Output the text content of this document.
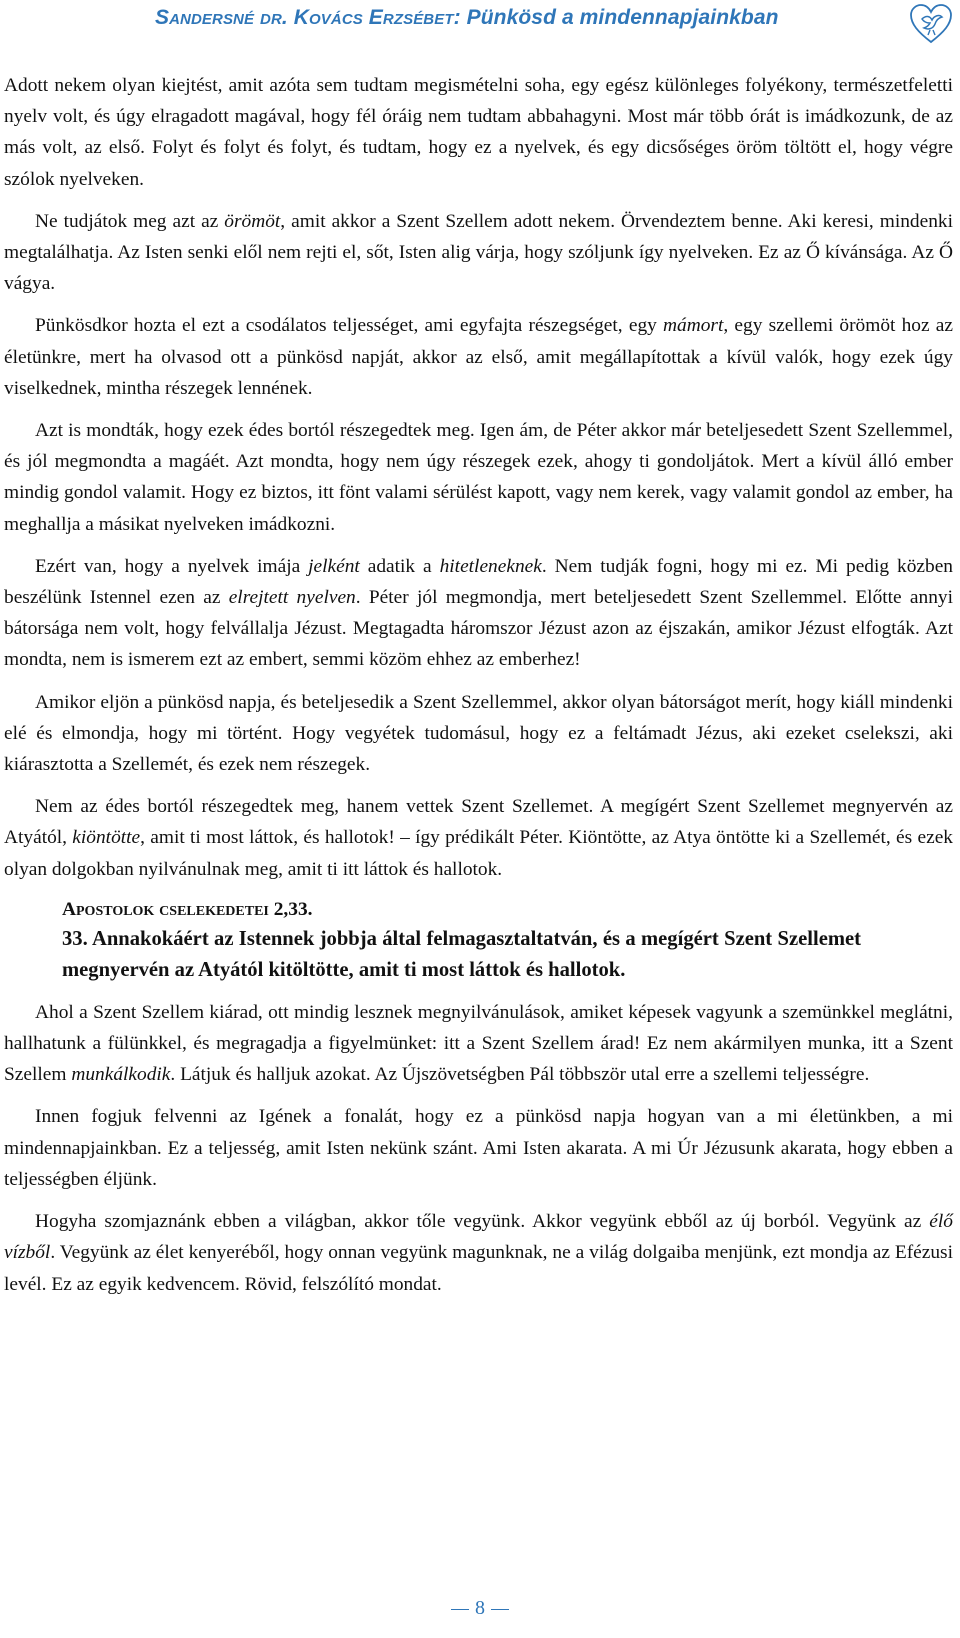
Sandersné dr. Kovács Erzsébet: Pünkösd a mindennapjainkban

Adott nekem olyan kiejtést, amit azóta sem tudtam megismételni soha, egy egész különleges folyékony, természetfeletti nyelv volt, és úgy elragadott magával, hogy fél óráig nem tudtam abbahagyni. Most már több órát is imádkozunk, de az más volt, az első. Folyt és folyt és folyt, és tudtam, hogy ez a nyelvek, és egy dicsőséges öröm töltött el, hogy végre szólok nyelveken.

Ne tudjátok meg azt az örömöt, amit akkor a Szent Szellem adott nekem. Örvendeztem benne. Aki keresi, mindenki megtalálhatja. Az Isten senki elől nem rejti el, sőt, Isten alig várja, hogy szóljunk így nyelveken. Ez az Ő kívánsága. Az Ő vágya.

Pünkösdkor hozta el ezt a csodálatos teljességet, ami egyfajta részegséget, egy mámort, egy szellemi örömöt hoz az életünkre, mert ha olvasod ott a pünkösd napját, akkor az első, amit megállapítottak a kívül valók, hogy ezek úgy viselkednek, mintha részegek lennének.

Azt is mondták, hogy ezek édes bortól részegedtek meg. Igen ám, de Péter akkor már beteljesedett Szent Szellemmel, és jól megmondta a magáét. Azt mondta, hogy nem úgy részegek ezek, ahogy ti gondoljátok. Mert a kívül álló ember mindig gondol valamit. Hogy ez biztos, itt fönt valami sérülést kapott, vagy nem kerek, vagy valamit gondol az ember, ha meghallja a másikat nyelveken imádkozni.

Ezért van, hogy a nyelvek imája jelként adatik a hitetleneknek. Nem tudják fogni, hogy mi ez. Mi pedig közben beszélünk Istennel ezen az elrejtett nyelven. Péter jól megmondja, mert beteljesedett Szent Szellemmel. Előtte annyi bátorsága nem volt, hogy felvállalja Jézust. Megtagadta háromszor Jézust azon az éjszakán, amikor Jézust elfogták. Azt mondta, nem is ismerem ezt az embert, semmi közöm ehhez az emberhez!

Amikor eljön a pünkösd napja, és beteljesedik a Szent Szellemmel, akkor olyan bátorságot merít, hogy kiáll mindenki elé és elmondja, hogy mi történt. Hogy vegyétek tudomásul, hogy ez a feltámadt Jézus, aki ezeket cselekszi, aki kiárasztotta a Szellemét, és ezek nem részegek.

Nem az édes bortól részegedtek meg, hanem vettek Szent Szellemet. A megígért Szent Szellemet megnyervén az Atyától, kiöntötte, amit ti most láttok, és hallotok! – így prédikált Péter. Kiöntötte, az Atya öntötte ki a Szellemét, és ezek olyan dolgokban nyilvánulnak meg, amit ti itt láttok és hallotok.

Apostolok cselekedetei 2,33.
33. Annakokáért az Istennek jobbja által felmagasztaltatván, és a megígért Szent Szellemet megnyervén az Atyától kitöltötte, amit ti most láttok és hallotok.

Ahol a Szent Szellem kiárad, ott mindig lesznek megnyilvánulások, amiket képesek vagyunk a szemünkkel meglátni, hallhatunk a fülünkkel, és megragadja a figyelmünket: itt a Szent Szellem árad! Ez nem akármilyen munka, itt a Szent Szellem munkálkodik. Látjuk és halljuk azokat. Az Újszövetségben Pál többször utal erre a szellemi teljességre.

Innen fogjuk felvenni az Igének a fonalát, hogy ez a pünkösd napja hogyan van a mi életünkben, a mi mindennapjainkban. Ez a teljesség, amit Isten nekünk szánt. Ami Isten akarata. A mi Úr Jézusunk akarata, hogy ebben a teljességben éljünk.

Hogyha szomjaznánk ebben a világban, akkor tőle vegyünk. Akkor vegyünk ebből az új borból. Vegyünk az élő vízből. Vegyünk az élet kenyeréből, hogy onnan vegyünk magunknak, ne a világ dolgaiba menjünk, ezt mondja az Efézusi levél. Ez az egyik kedvencem. Rövid, felszólító mondat.

8
